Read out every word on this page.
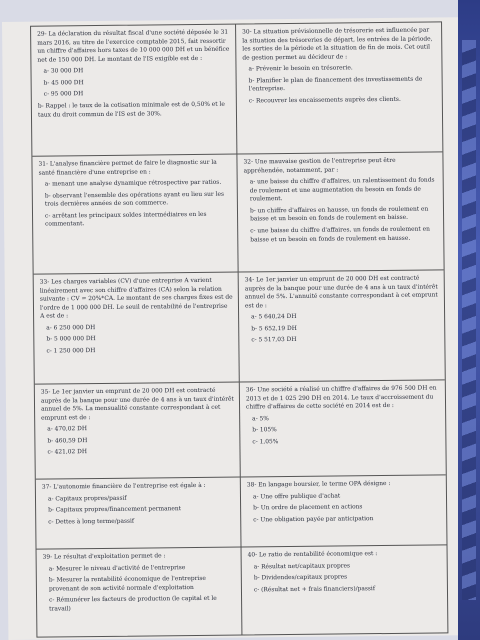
29- La déclaration du résultat fiscal d'une société déposée le 31 mars 2016, au titre de l'exercice comptable 2015, fait ressortir un chiffre d'affaires hors taxes de 10 000 000 DH et un bénéfice net de 150 000 DH. Le montant de l'IS exigible est de :

a- 30 000 DH
b- 45 000 DH
c- 95 000 DH
b- Rappel : le taux de la cotisation minimale est de 0,50% et le taux du droit commun de l'IS est de 30%.

30- La situation prévisionnelle de trésorerie est influencée par la situation des trésoreries de départ, les entrées de la période, les sorties de la période et la situation de fin de mois. Cet outil de gestion permet au décideur de :

a- Prévenir le besoin en trésorerie.
b- Planifier le plan de financement des investissements de l'entreprise.
c- Recouvrer les encaissements auprès des clients.

31- L'analyse financière permet de faire le diagnostic sur la santé financière d'une entreprise en :

a- menant une analyse dynamique rétrospective par ratios.
b- observant l'ensemble des opérations ayant eu lieu sur les trois dernières années de son commerce.
c- arrêtant les principaux soldes intermédiaires en les commentant.

32- Une mauvaise gestion de l'entreprise peut être appréhendée, notamment, par :

a- une baisse du chiffre d'affaires, un ralentissement du fonds de roulement et une augmentation du besoin en fonds de roulement.
b- un chiffre d'affaires en hausse, un fonds de roulement en baisse et un besoin en fonds de roulement en baisse.
c- une baisse du chiffre d'affaires, un fonds de roulement en baisse et un besoin en fonds de roulement en hausse.

33- Les charges variables (CV) d'une entreprise A varient linéairement avec son chiffre d'affaires (CA) selon la relation suivante : CV = 20%*CA. Le montant de ses charges fixes est de l'ordre de 1 000 000 DH. Le seuil de rentabilité de l'entreprise A est de :

a- 6 250 000 DH
b- 5 000 000 DH
c- 1 250 000 DH

34- Le 1er janvier un emprunt de 20 000 DH est contracté auprès de la banque pour une durée de 4 ans à un taux d'intérêt annuel de 5%. L'annuité constante correspondant à cet emprunt est de :

a- 5 640,24 DH
b- 5 652,19 DH
c- 5 517,03 DH

35- Le 1er janvier un emprunt de 20 000 DH est contracté auprès de la banque pour une durée de 4 ans à un taux d'intérêt annuel de 5%. La mensualité constante correspondant à cet emprunt est de :

a- 470,02 DH
b- 460,59 DH
c- 421,02 DH

36- Une société a réalisé un chiffre d'affaires de 976 500 DH en 2013 et de 1 025 290 DH en 2014. Le taux d'accroissement du chiffre d'affaires de cette société en 2014 est de :

a- 5%
b- 105%
c- 1,05%

37- L'autonomie financière de l'entreprise est égale à :

a- Capitaux propres/passif
b- Capitaux propres/financement permanent
c- Dettes à long terme/passif

38- En langage boursier, le terme OPA désigne :

a- Une offre publique d'achat
b- Un ordre de placement en actions
c- Une obligation payée par anticipation

39- Le résultat d'exploitation permet de :

a- Mesurer le niveau d'activité de l'entreprise
b- Mesurer la rentabilité économique de l'entreprise provenant de son activité normale d'exploitation
c- Rémunérer les facteurs de production (le capital et le travail)

40- Le ratio de rentabilité économique est :

a- Résultat net/capitaux propres
b- Dividendes/capitaux propres
c- (Résultat net + frais financiers)/passif
